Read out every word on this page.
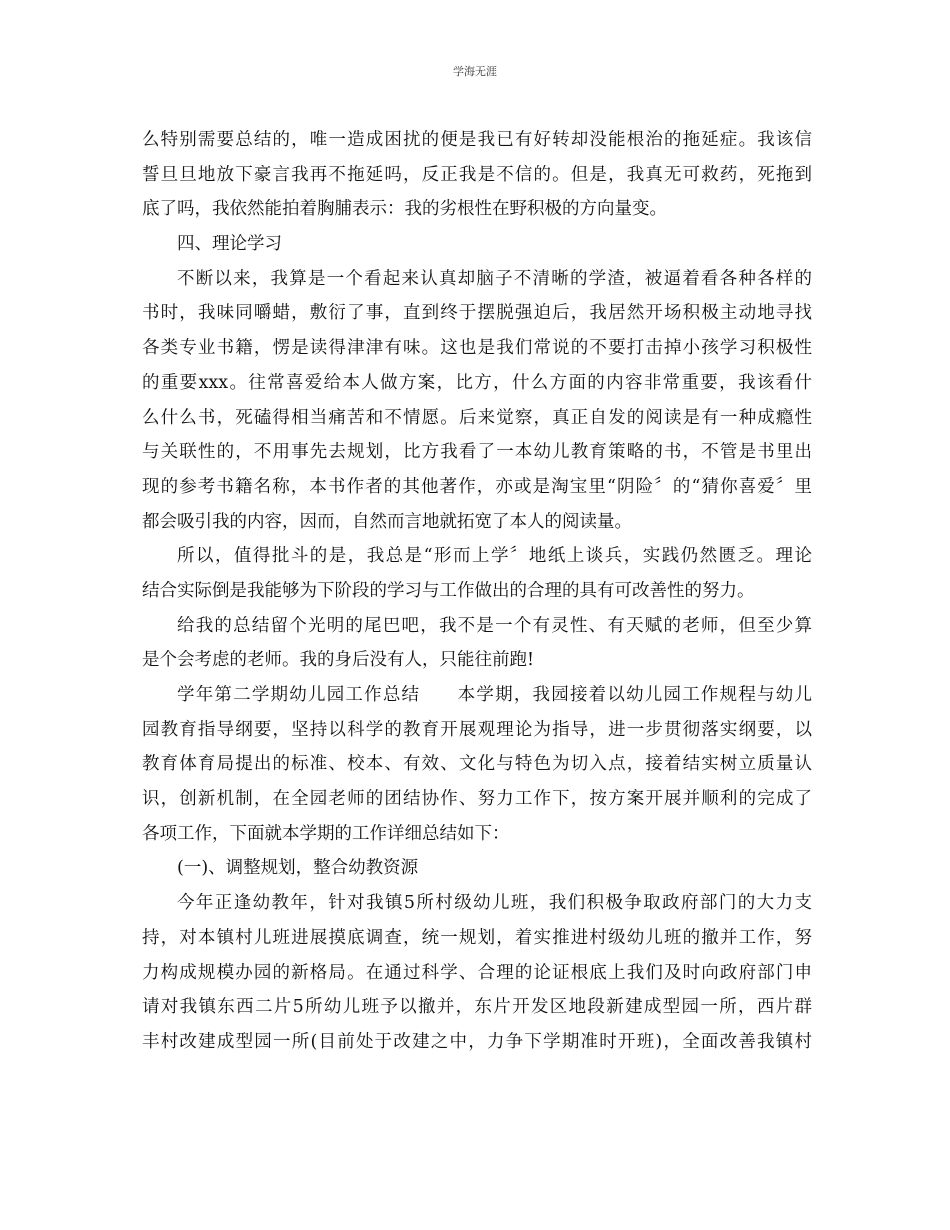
学海无涯
么特别需要总结的，唯一造成困扰的便是我已有好转却没能根治的拖延症。我该信
誓旦旦地放下豪言我再不拖延吗，反正我是不信的。但是，我真无可救药，死拖到
底了吗，我依然能拍着胸脯表示：我的劣根性在野积极的方向量变。
四、理论学习
不断以来，我算是一个看起来认真却脑子不清晰的学渣，被逼着看各种各样的
书时，我味同嚼蜡，敷衍了事，直到终于摆脱强迫后，我居然开场积极主动地寻找
各类专业书籍，愣是读得津津有味。这也是我们常说的不要打击掉小孩学习积极性
的重要xxx。往常喜爱给本人做方案，比方，什么方面的内容非常重要，我该看什
么什么书，死磕得相当痛苦和不情愿。后来觉察，真正自发的阅读是有一种成瘾性
与关联性的，不用事先去规划，比方我看了一本幼儿教育策略的书，不管是书里出
现的参考书籍名称，本书作者的其他著作，亦或是淘宝里“阴险〞的“猜你喜爱〞里
都会吸引我的内容，因而，自然而言地就拓宽了本人的阅读量。
所以，值得批斗的是，我总是“形而上学〞地纸上谈兵，实践仍然匮乏。理论
结合实际倒是我能够为下阶段的学习与工作做出的合理的具有可改善性的努力。
给我的总结留个光明的尾巴吧，我不是一个有灵性、有天赋的老师，但至少算
是个会考虑的老师。我的身后没有人，只能往前跑!
学年第二学期幼儿园工作总结　　本学期，我园接着以幼儿园工作规程与幼儿
园教育指导纲要，坚持以科学的教育开展观理论为指导，进一步贯彻落实纲要，以
教育体育局提出的标准、校本、有效、文化与特色为切入点，接着结实树立质量认
识，创新机制，在全园老师的团结协作、努力工作下，按方案开展并顺利的完成了
各项工作，下面就本学期的工作详细总结如下：
(一)、调整规划，整合幼教资源
今年正逢幼教年，针对我镇5所村级幼儿班，我们积极争取政府部门的大力支
持，对本镇村儿班进展摸底调查，统一规划，着实推进村级幼儿班的撤并工作，努
力构成规模办园的新格局。在通过科学、合理的论证根底上我们及时向政府部门申
请对我镇东西二片5所幼儿班予以撤并，东片开发区地段新建成型园一所，西片群
丰村改建成型园一所(目前处于改建之中，力争下学期准时开班)，全面改善我镇村
